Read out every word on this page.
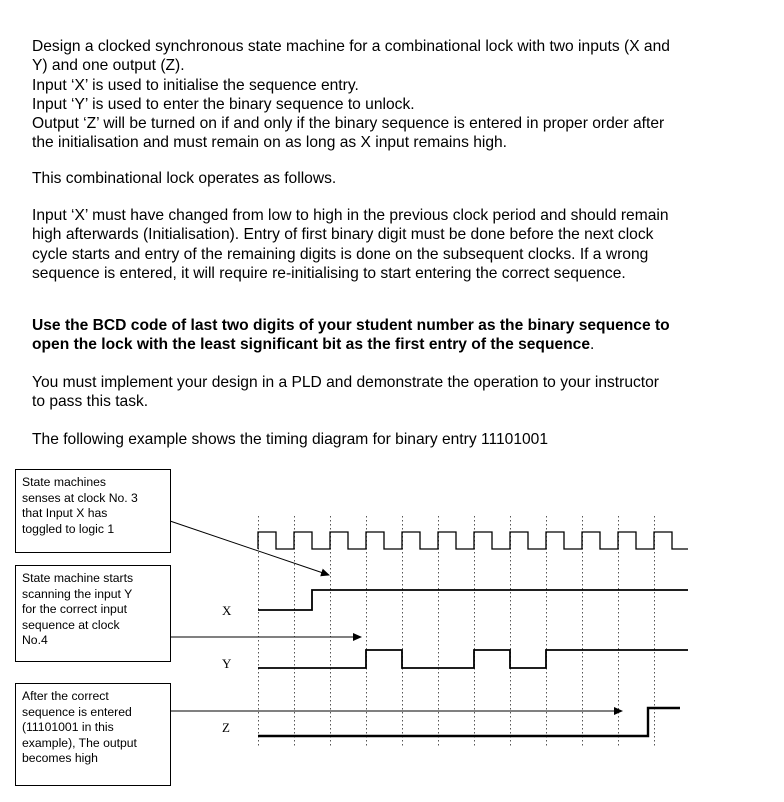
Design a clocked synchronous state machine for a combinational lock with two inputs (X and
Y) and one output (Z).
Input ‘X’ is used to initialise the sequence entry.
Input ‘Y’ is used to enter the binary sequence to unlock.
Output ‘Z’ will be turned on if and only if the binary sequence is entered in proper order after
the initialisation and must remain on as long as X input remains high.

This combinational lock operates as follows.

Input ‘X’ must have changed from low to high in the previous clock period and should remain
high afterwards (Initialisation). Entry of first binary digit must be done before the next clock
cycle starts and entry of the remaining digits is done on the subsequent clocks. If a wrong
sequence is entered, it will require re-initialising to start entering the correct sequence.

Use the BCD code of last two digits of your student number as the binary sequence to
open the lock with the least significant bit as the first entry of the sequence.

You must implement your design in a PLD and demonstrate the operation to your instructor
to pass this task.

The following example shows the timing diagram for binary entry 11101001

State machines
senses at clock No. 3
that Input X has
toggled to logic 1
State machine starts
scanning the input Y
for the correct input
sequence at clock
No.4
After the correct
sequence is entered
(11101001 in this
example), The output
becomes high
X
Y
Z
